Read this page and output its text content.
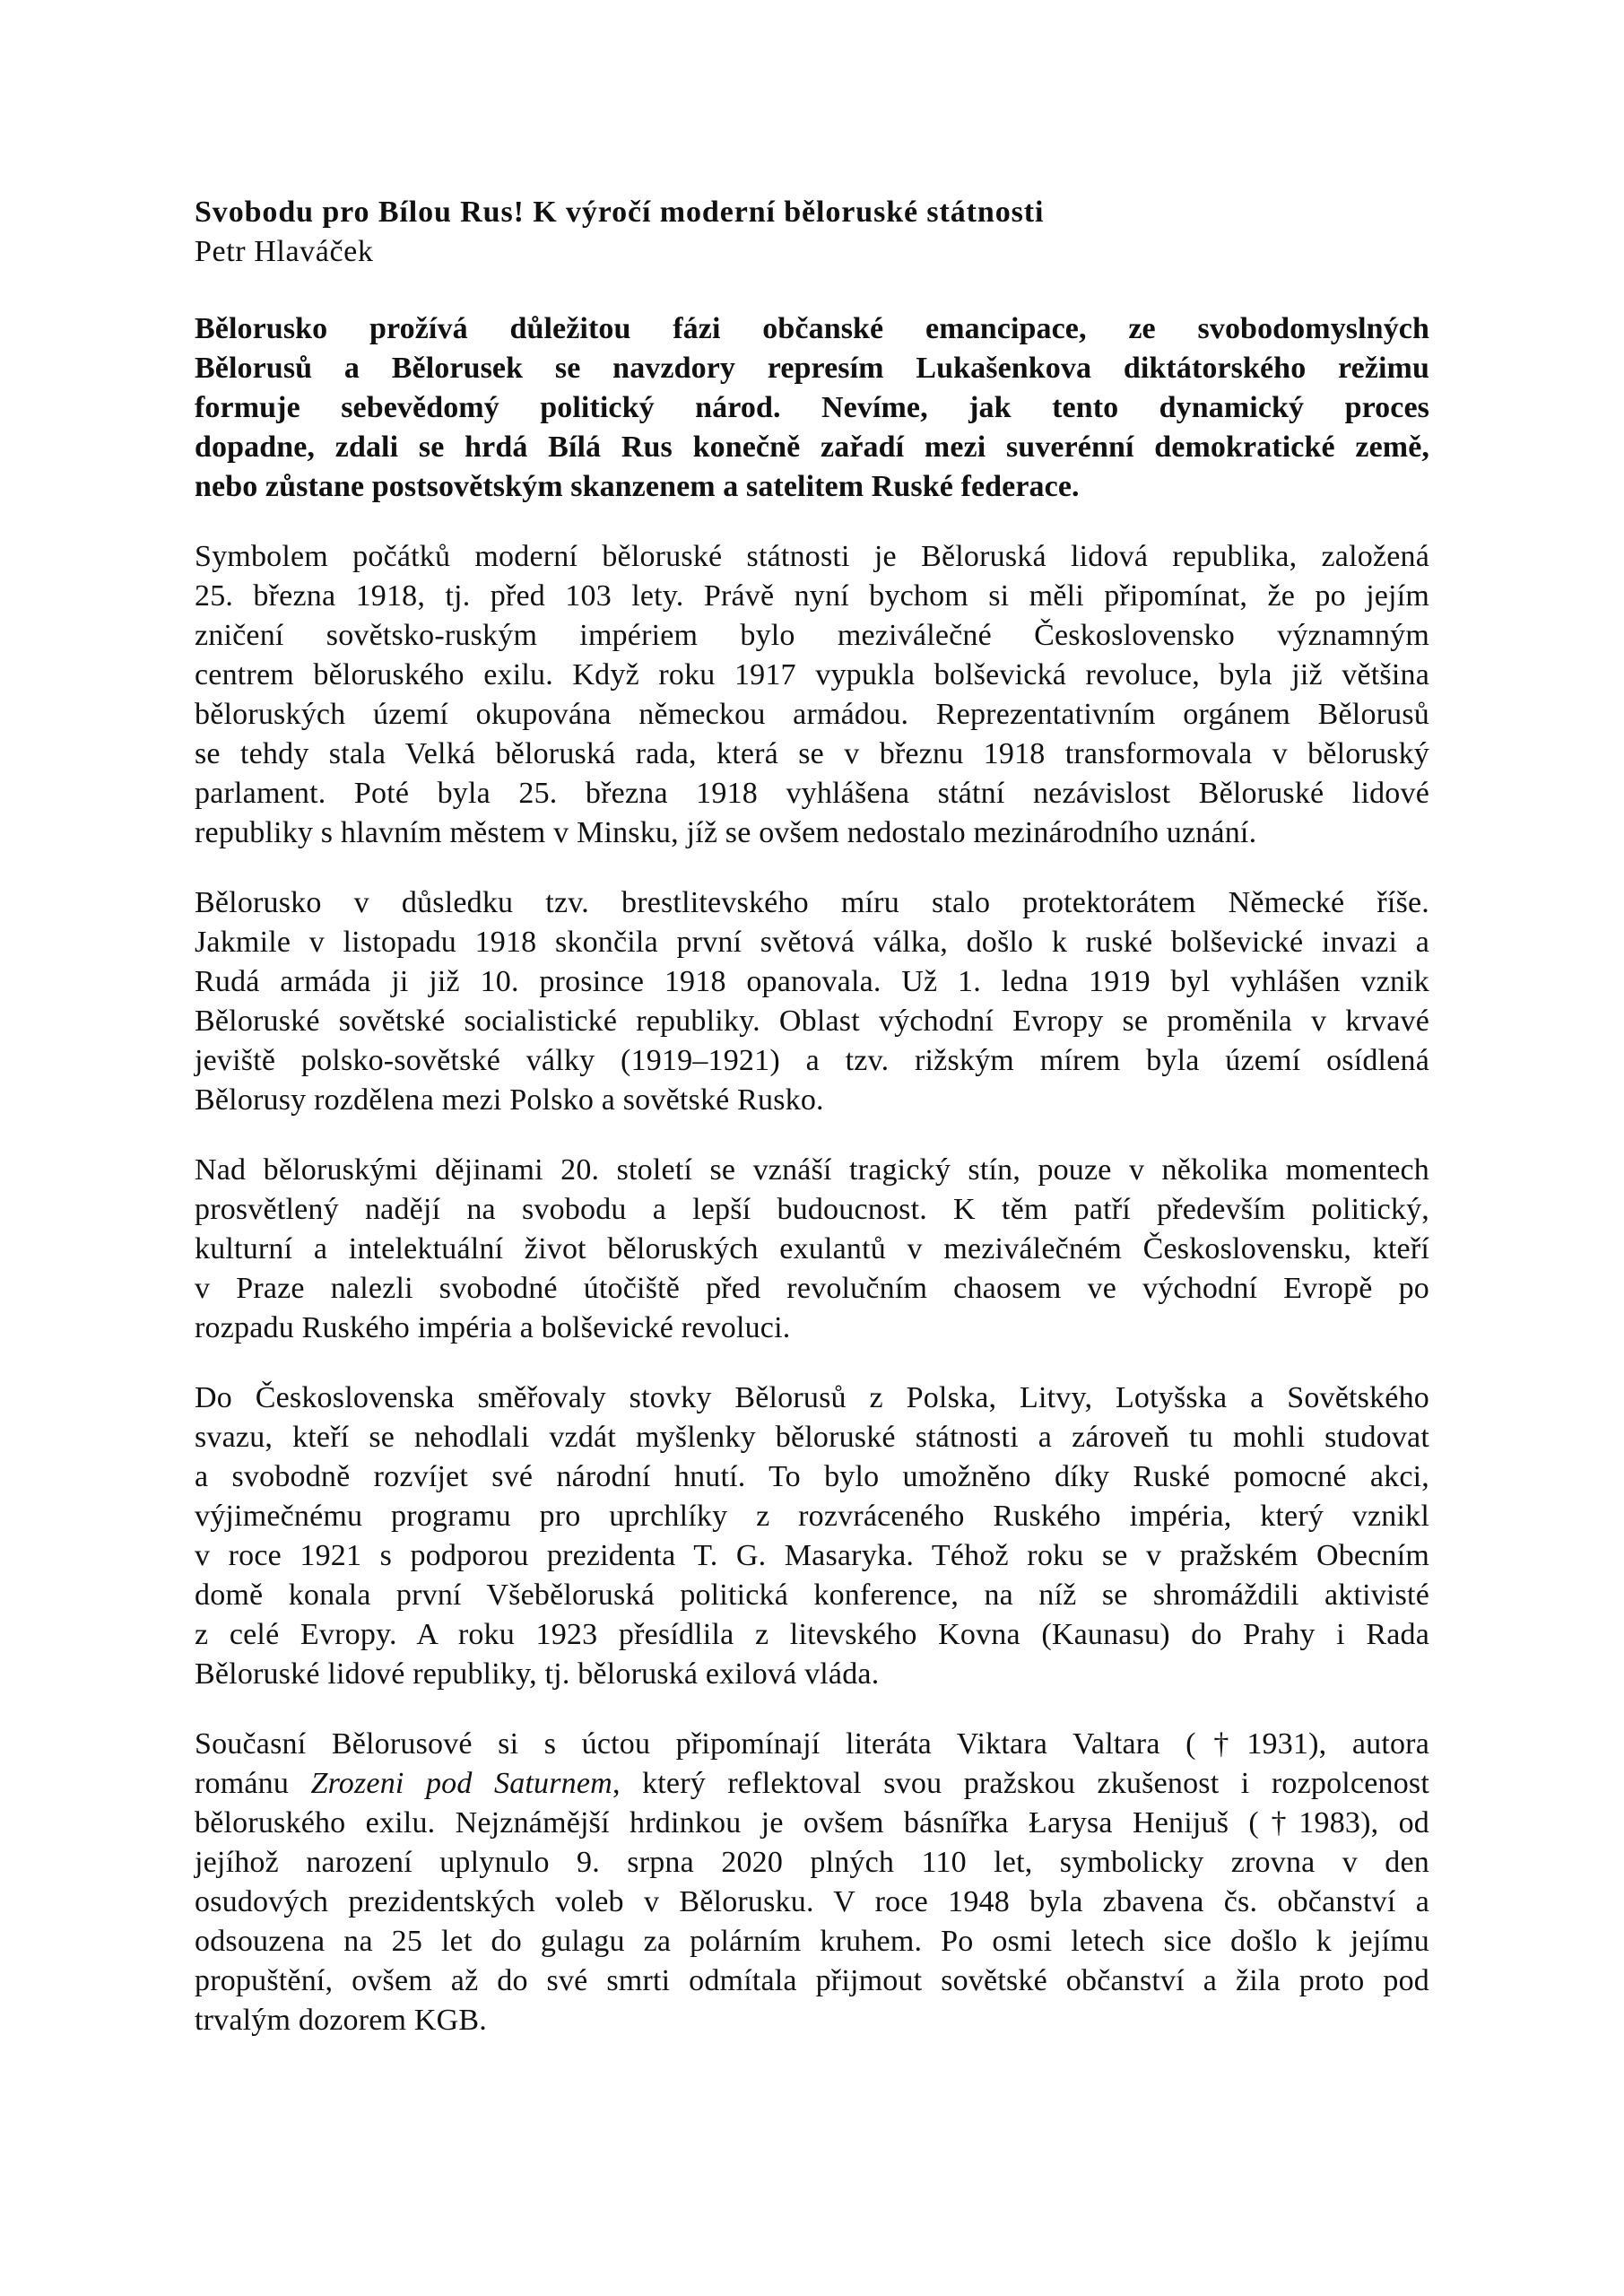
Svobodu pro Bílou Rus! K výročí moderní běloruské státnosti
Petr Hlaváček

Bělorusko prožívá důležitou fázi občanské emancipace, ze svobodomyslných
Bělorusů a Bělorusek se navzdory represím Lukašenkova diktátorského režimu
formuje sebevědomý politický národ. Nevíme, jak tento dynamický proces
dopadne, zdali se hrdá Bílá Rus konečně zařadí mezi suverénní demokratické země,
nebo zůstane postsovětským skanzenem a satelitem Ruské federace.

Symbolem počátků moderní běloruské státnosti je Běloruská lidová republika, založená
25. března 1918, tj. před 103 lety. Právě nyní bychom si měli připomínat, že po jejím
zničení sovětsko-ruským impériem bylo meziválečné Československo významným
centrem běloruského exilu. Když roku 1917 vypukla bolševická revoluce, byla již většina
běloruských území okupována německou armádou. Reprezentativním orgánem Bělorusů
se tehdy stala Velká běloruská rada, která se v březnu 1918 transformovala v běloruský
parlament. Poté byla 25. března 1918 vyhlášena státní nezávislost Běloruské lidové
republiky s hlavním městem v Minsku, jíž se ovšem nedostalo mezinárodního uznání.

Bělorusko v důsledku tzv. brestlitevského míru stalo protektorátem Německé říše.
Jakmile v listopadu 1918 skončila první světová válka, došlo k ruské bolševické invazi a
Rudá armáda ji již 10. prosince 1918 opanovala. Už 1. ledna 1919 byl vyhlášen vznik
Běloruské sovětské socialistické republiky. Oblast východní Evropy se proměnila v krvavé
jeviště polsko-sovětské války (1919–1921) a tzv. rižským mírem byla území osídlená
Bělorusy rozdělena mezi Polsko a sovětské Rusko.

Nad běloruskými dějinami 20. století se vznáší tragický stín, pouze v několika momentech
prosvětlený nadějí na svobodu a lepší budoucnost. K těm patří především politický,
kulturní a intelektuální život běloruských exulantů v meziválečném Československu, kteří
v Praze nalezli svobodné útočiště před revolučním chaosem ve východní Evropě po
rozpadu Ruského impéria a bolševické revoluci.

Do Československa směřovaly stovky Bělorusů z Polska, Litvy, Lotyšska a Sovětského
svazu, kteří se nehodlali vzdát myšlenky běloruské státnosti a zároveň tu mohli studovat
a svobodně rozvíjet své národní hnutí. To bylo umožněno díky Ruské pomocné akci,
výjimečnému programu pro uprchlíky z rozvráceného Ruského impéria, který vznikl
v roce 1921 s podporou prezidenta T. G. Masaryka. Téhož roku se v pražském Obecním
domě konala první Všeběloruská politická konference, na níž se shromáždili aktivisté
z celé Evropy. A roku 1923 přesídlila z litevského Kovna (Kaunasu) do Prahy i Rada
Běloruské lidové republiky, tj. běloruská exilová vláda.

Současní Bělorusové si s úctou připomínají literáta Viktara Valtara (†1931), autora
románu Zrozeni pod Saturnem, který reflektoval svou pražskou zkušenost i rozpolcenost
běloruského exilu. Nejznámější hrdinkou je ovšem básnířka Łarysa Henijuš (†1983), od
jejíhož narození uplynulo 9. srpna 2020 plných 110 let, symbolicky zrovna v den
osudových prezidentských voleb v Bělorusku. V roce 1948 byla zbavena čs. občanství a
odsouzena na 25 let do gulagu za polárním kruhem. Po osmi letech sice došlo k jejímu
propuštění, ovšem až do své smrti odmítala přijmout sovětské občanství a žila proto pod
trvalým dozorem KGB.
